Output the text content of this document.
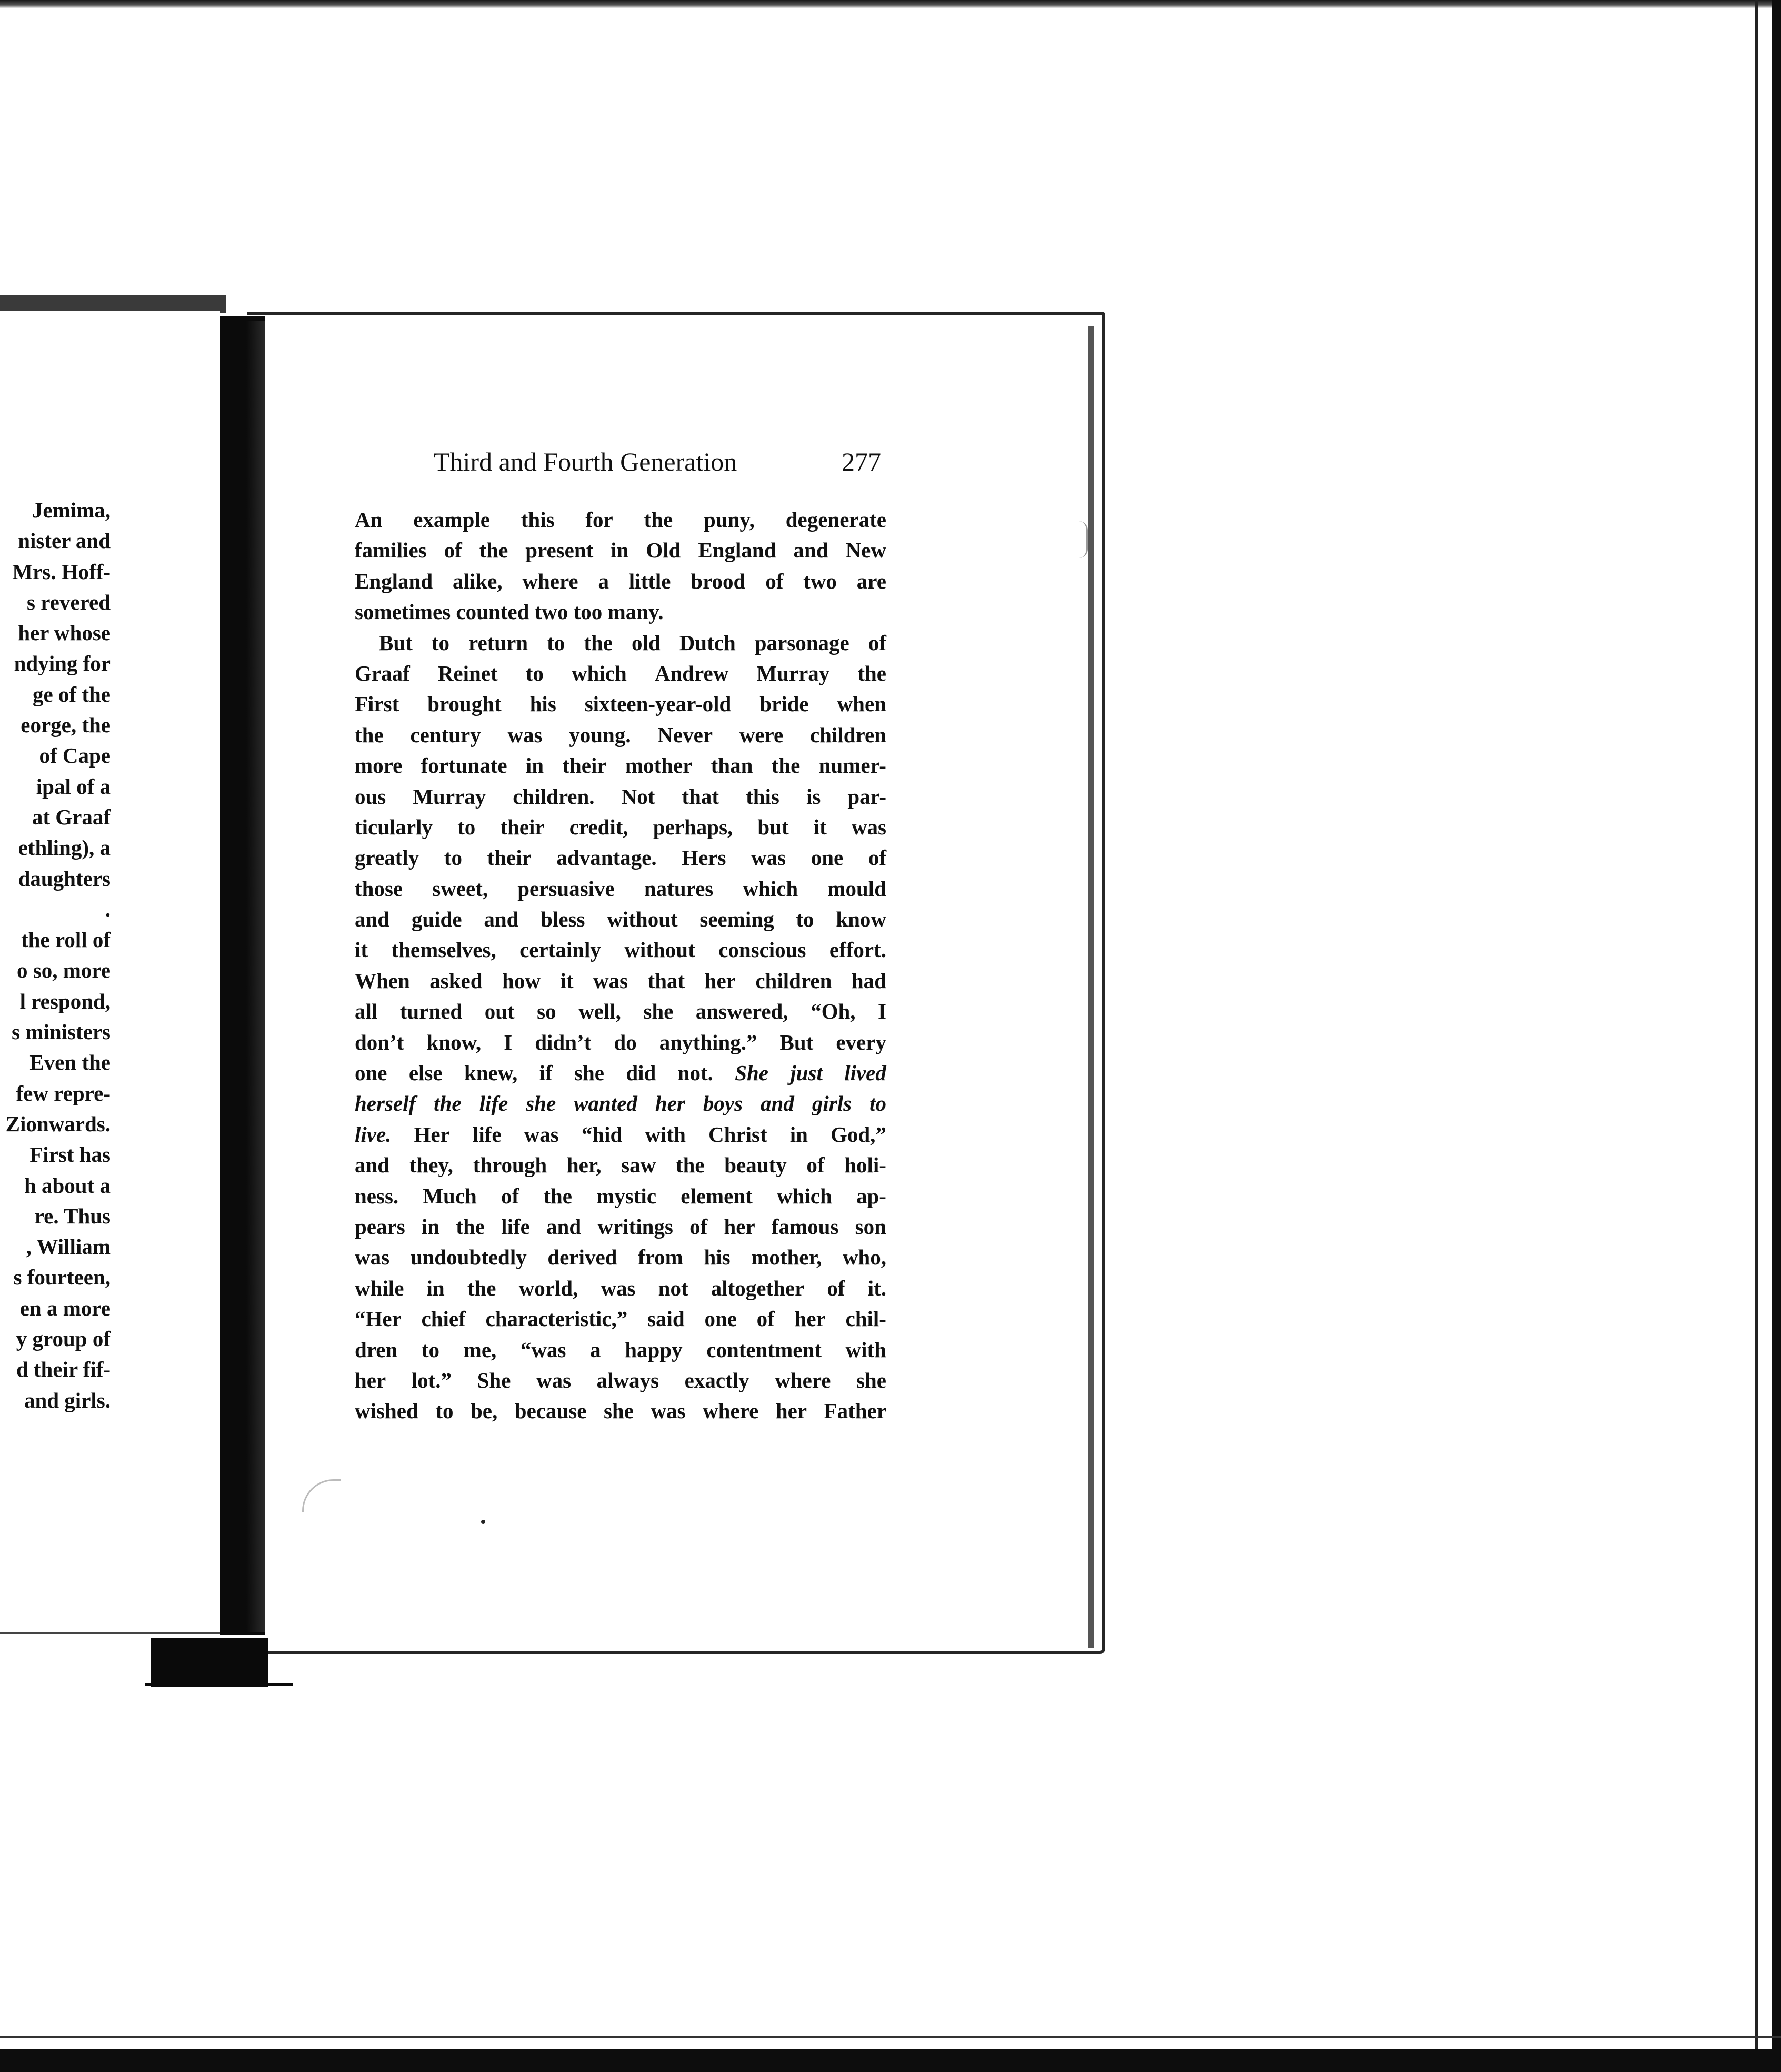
Jemima,
nister and
Mrs. Hoff-
s revered
her whose
ndying for
ge of the
eorge, the
of Cape
ipal of a
at Graaf
ethling), a
daughters
.
the roll of
o so, more
l respond,
s ministers
Even the
few repre-
Zionwards.
First has
h about a
re. Thus
, William
s fourteen,
en a more
y group of
d their fif-
and girls.
Third and Fourth Generation	277
An example this for the puny, degenerate
families of the present in Old England and New
England alike, where a little brood of two are
sometimes
counted
two
too
many.

But to return to the old Dutch parsonage of
Graaf Reinet to which Andrew Murray the
First brought his sixteen-year-old bride when
the century was young. Never were children
more fortunate in their mother than the numer-
ous Murray children. Not that this is par-
ticularly to their credit, perhaps, but it was
greatly to their advantage. Hers was one of
those sweet, persuasive natures which mould
and guide and bless without seeming to know
it themselves, certainly without conscious effort.
When asked how it was that her children had
all turned out so well, she answered, “Oh, I
don’t know, I didn’t do anything.” But every
one else knew, if she did not. She just lived
herself the life she wanted her boys and girls to
live. Her life was “hid with Christ in God,”
and they, through her, saw the beauty of holi-
ness. Much of the mystic element which ap-
pears in the life and writings of her famous son
was undoubtedly derived from his mother, who,
while in the world, was not altogether of it.
“Her chief characteristic,” said one of her chil-
dren to me, “was a happy contentment with
her lot.” She was always exactly where she
wished to be, because she was where her Father
